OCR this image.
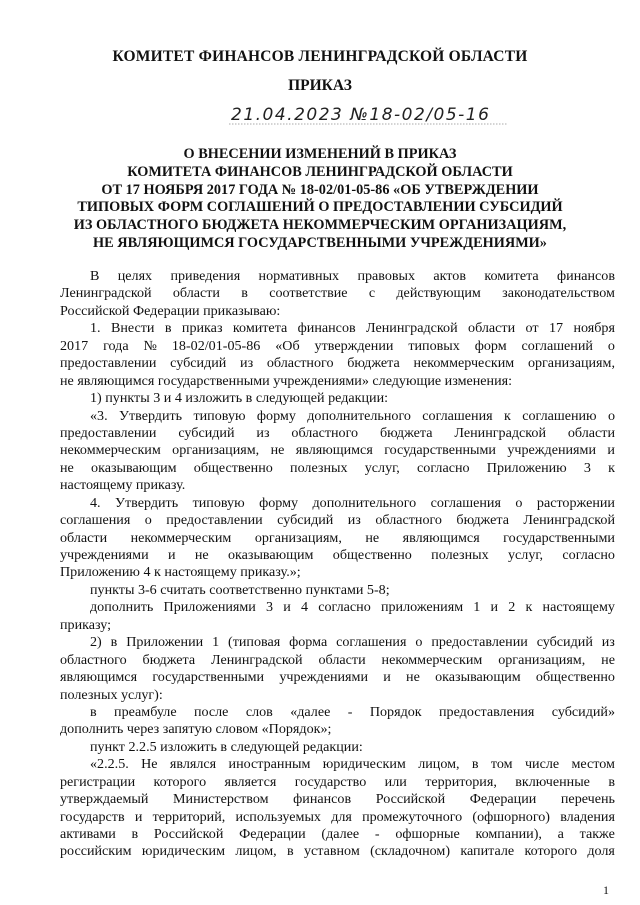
КОМИТЕТ ФИНАНСОВ ЛЕНИНГРАДСКОЙ ОБЛАСТИ
ПРИКАЗ
21.04.2023 №18-02/05-16
О ВНЕСЕНИИ ИЗМЕНЕНИЙ В ПРИКАЗ
КОМИТЕТА ФИНАНСОВ ЛЕНИНГРАДСКОЙ ОБЛАСТИ
ОТ 17 НОЯБРЯ 2017 ГОДА № 18-02/01-05-86 «ОБ УТВЕРЖДЕНИИ
ТИПОВЫХ ФОРМ СОГЛАШЕНИЙ О ПРЕДОСТАВЛЕНИИ СУБСИДИЙ
ИЗ ОБЛАСТНОГО БЮДЖЕТА НЕКОММЕРЧЕСКИМ ОРГАНИЗАЦИЯМ,
НЕ ЯВЛЯЮЩИМСЯ ГОСУДАРСТВЕННЫМИ УЧРЕЖДЕНИЯМИ»
В целях приведения нормативных правовых актов комитета финансов
Ленинградской области в соответствие с действующим законодательством
Российской Федерации приказываю:
1. Внести в приказ комитета финансов Ленинградской области от 17 ноября
2017 года № 18-02/01-05-86 «Об утверждении типовых форм соглашений о
предоставлении субсидий из областного бюджета некоммерческим организациям,
не являющимся государственными учреждениями» следующие изменения:
1) пункты 3 и 4 изложить в следующей редакции:
«3. Утвердить типовую форму дополнительного соглашения к соглашению о
предоставлении субсидий из областного бюджета Ленинградской области
некоммерческим организациям, не являющимся государственными учреждениями и
не оказывающим общественно полезных услуг, согласно Приложению 3 к
настоящему приказу.
4. Утвердить типовую форму дополнительного соглашения о расторжении
соглашения о предоставлении субсидий из областного бюджета Ленинградской
области некоммерческим организациям, не являющимся государственными
учреждениями и не оказывающим общественно полезных услуг, согласно
Приложению 4 к настоящему приказу.»;
пункты 3-6 считать соответственно пунктами 5-8;
дополнить Приложениями 3 и 4 согласно приложениям 1 и 2 к настоящему
приказу;
2) в Приложении 1 (типовая форма соглашения о предоставлении субсидий из
областного бюджета Ленинградской области некоммерческим организациям, не
являющимся государственными учреждениями и не оказывающим общественно
полезных услуг):
в преамбуле после слов «далее - Порядок предоставления субсидий»
дополнить через запятую словом «Порядок»;
пункт 2.2.5 изложить в следующей редакции:
«2.2.5. Не являлся иностранным юридическим лицом, в том числе местом
регистрации которого является государство или территория, включенные в
утверждаемый Министерством финансов Российской Федерации перечень
государств и территорий, используемых для промежуточного (офшорного) владения
активами в Российской Федерации (далее - офшорные компании), а также
российским юридическим лицом, в уставном (складочном) капитале которого доля
1
